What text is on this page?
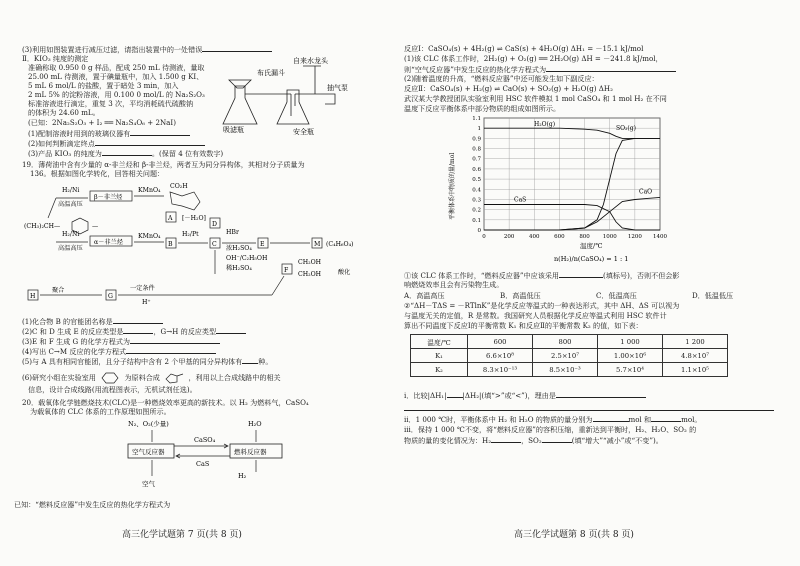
(3)利用如图装置进行减压过滤，请指出装置中的一处错误
自来水龙头
布氏漏斗
抽气泵
吸滤瓶	安全瓶
Ⅱ．KIO₃ 纯度的测定
准确称取 0.950 0 g 样品，配成 250 mL 待测液，量取
25.00 mL 待测液，置于碘量瓶中，加入 1.500 g KI、
5 mL 6 mol/L 的盐酸，置于暗处 3 min，加入
2 mL 5% 的淀粉溶液，用 0.100 0 mol/L 的 Na₂S₂O₃
标准溶液进行滴定，重复 3 次，平均消耗硫代硫酸钠
的体积为 24.60 mL。
(已知：2Na₂S₂O₃ + I₂ ══ Na₂S₄O₆ + 2NaI)
(1)配制溶液时用到的玻璃仪器有
(2)如何判断滴定终点
(3)产品 KIO₃ 的纯度为	。(保留 4 位有效数字)
19．薄荷油中含有少量的 α-非兰烃和 β-非兰烃，两者互为同分异构体，其相对分子质量为
136。根据如图化学转化，回答相关问题：
H₂/Ni
高温高压
β－非兰烃
KMnO₄
CO₂H
(CH₃)₂CH—	—
H₂/Ni
高温高压
α－非兰烃
KMnO₄
A [－H₂O]
B
H₂/Pt
C
HBr
浓H₂SO₄
E
D
M (C₄H₆O₄)
OH⁻/C₂H₅OH
稀H₂SO₄	F
CH₂OH
CH₂OH	酸化
H
聚合
G
一定条件
H⁺
(1)化合物 B 的官能团名称是
(2)C 和 D 生成 E 的反应类型是	，G→H 的反应类型
(3)E 和 F 生成 G 的化学方程式为
(4)写出 C→M 反应的化学方程式
(5)与 A 具有相同官能团，且分子结构中含有 2 个甲基的同分异构体有 种。
(6)研究小组在实验室用	为原料合成	，利用以上合成线路中的相关
信息，设计合成线路(用流程图表示，无机试剂任选)。
20．载氧体化学链燃烧技术(CLC)是一种燃烧效率更高的新技术。以 H₂ 为燃料气，CaSO₄
为载氧体的 CLC 体系的工作原理如图所示。
N₂、O₂(少量)	H₂O
空气反应器	燃料反应器
CaSO₄
CaS
H₂
空气
已知：“燃料反应器”中发生反应的热化学方程式为
高三化学试题第 7 页(共 8 页)
反应Ⅰ：CaSO₄(s) + 4H₂(g) ⇌ CaS(s) + 4H₂O(g) ΔH₁ = －15.1 kJ/mol
(1)该 CLC 体系工作时，2H₂(g) + O₂(g) ══ 2H₂O(g) ΔH = －241.8 kJ/mol，
则“空气反应器”中发生反应的热化学方程式为
(2)随着温度的升高，“燃料反应器”中还可能发生如下副反应：
反应Ⅱ：CaSO₄(s) + H₂(g) ⇌ CaO(s) + SO₂(g) + H₂O(g) ΔH₂
武汉某大学教授团队实验室利用 HSC 软件模拟 1 mol CaSO₄ 和 1 mol H₂ 在不同
温度下反应平衡体系中部分物质的组成如图所示。
平衡体系中物质的量/mol
温度/℃
n(H₂)/n(CaSO₄) = 1 : 1
0
0.1
0.2
0.3
0.4
0.5
0.6
0.7
0.8
0.9
1
1.1
0	200	400	600	800 1000 1200 1400
H₂O(g)
SO₂(g)
CaS
CaO
①该 CLC 体系工作时，“燃料反应器”中应该采用	(填标号)，否则不但会影
响燃烧效率且会有污染物生成。
A．高温高压	B．高温低压	C．低温高压	D．低温低压
②“ΔH－TΔS = －RTlnK”是化学反应等温式的一种表达形式，其中 ΔH、ΔS 可以视为
与温度无关的定值，R 是常数。我国研究人员根据化学反应等温式利用 HSC 软件计
算出不同温度下反应Ⅰ的平衡常数 K₁ 和反应Ⅱ的平衡常数 K₂ 的值，如下表：
温度/℃	600	800	1 000	1 200
K₁	6.6×10⁸	2.5×10⁷	1.00×10⁶	4.8×10⁷
K₂	8.3×10⁻¹³	8.5×10⁻³	5.7×10⁴	1.1×10⁵
ⅰ．比较|ΔH₁| |ΔH₂|(填“>”或“<”)，理由是
ⅱ．1 000 ℃时，平衡体系中 H₂ 和 H₂O 的物质的量分别为	mol 和	mol。
ⅲ．保持 1 000 ℃不变，将“燃料反应器”的容积压缩，重新达到平衡时，H₂、H₂O、SO₂ 的
物质的量的变化情况为：H₂	，SO₂	(填“增大”“减小”或“不变”)。
高三化学试题第 8 页(共 8 页)
